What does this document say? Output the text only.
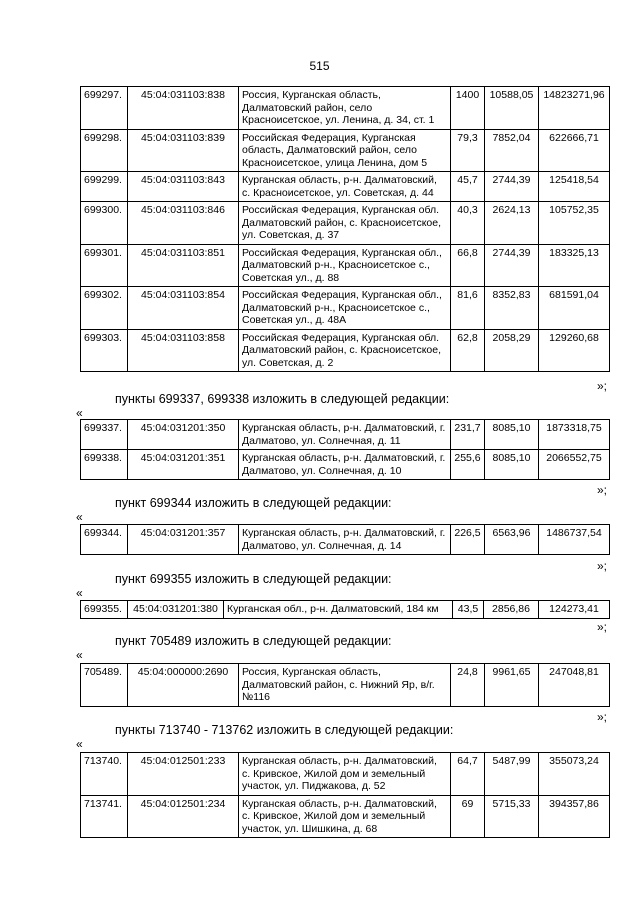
515
699297.	45:04:031103:838	Россия, Курганская область, Далматовский район, село Красноисетское, ул. Ленина, д. 34, ст. 1	1400	10588,05	14823271,96
699298.	45:04:031103:839	Российская Федерация, Курганская область, Далматовский район, село Красноисетское, улица Ленина, дом 5	79,3	7852,04	622666,71
699299.	45:04:031103:843	Курганская область, р-н. Далматовский, с. Красноисетское, ул. Советская, д. 44	45,7	2744,39	125418,54
699300.	45:04:031103:846	Российская Федерация, Курганская обл. Далматовский район, с. Красноисетское, ул. Советская, д. 37	40,3	2624,13	105752,35
699301.	45:04:031103:851	Российская Федерация, Курганская обл., Далматовский р-н., Красноисетское с., Советская ул., д. 88	66,8	2744,39	183325,13
699302.	45:04:031103:854	Российская Федерация, Курганская обл., Далматовский р-н., Красноисетское с., Советская ул., д. 48А	81,6	8352,83	681591,04
699303.	45:04:031103:858	Российская Федерация, Курганская обл. Далматовский район, с. Красноисетское, ул. Советская, д. 2	62,8	2058,29	129260,68
»;
пункты 699337, 699338 изложить в следующей редакции:
«
699337.	45:04:031201:350	Курганская область, р-н. Далматовский, г. Далматово, ул. Солнечная, д. 11	231,7	8085,10	1873318,75
699338.	45:04:031201:351	Курганская область, р-н. Далматовский, г. Далматово, ул. Солнечная, д. 10	255,6	8085,10	2066552,75
»;
пункт 699344 изложить в следующей редакции:
«
699344.	45:04:031201:357	Курганская область, р-н. Далматовский, г. Далматово, ул. Солнечная, д. 14	226,5	6563,96	1486737,54
»;
пункт 699355 изложить в следующей редакции:
«
699355.	45:04:031201:380	Курганская обл., р-н. Далматовский, 184 км	43,5	2856,86	124273,41
»;
пункт 705489 изложить в следующей редакции:
«
705489.	45:04:000000:2690	Россия, Курганская область, Далматовский район, с. Нижний Яр, в/г. №116	24,8	9961,65	247048,81
»;
пункты 713740 - 713762 изложить в следующей редакции:
«
713740.	45:04:012501:233	Курганская область, р-н. Далматовский, с. Кривское, Жилой дом и земельный участок, ул. Пиджакова, д. 52	64,7	5487,99	355073,24
713741.	45:04:012501:234	Курганская область, р-н. Далматовский, с. Кривское, Жилой дом и земельный участок, ул. Шишкина, д. 68	69	5715,33	394357,86
